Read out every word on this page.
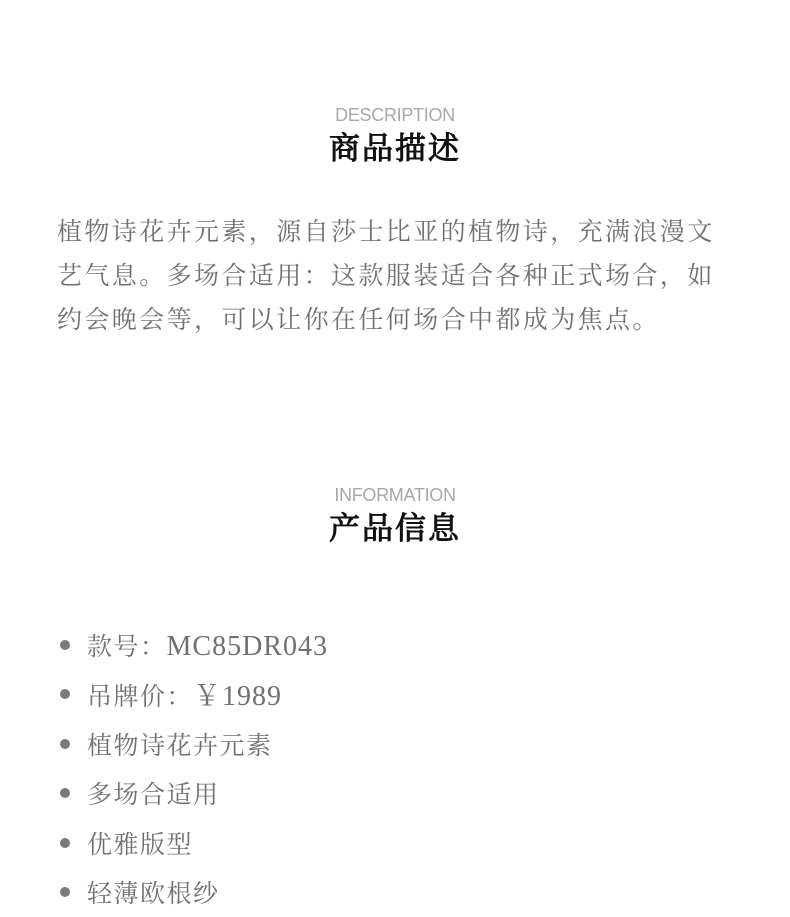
DESCRIPTION
商品描述

植物诗花卉元素，源自莎士比亚的植物诗，充满浪漫文艺气息。多场合适用：这款服装适合各种正式场合，如约会晚会等，可以让你在任何场合中都成为焦点。

INFORMATION
产品信息
款号：MC85DR043
吊牌价：￥1989
植物诗花卉元素
多场合适用
优雅版型
轻薄欧根纱
